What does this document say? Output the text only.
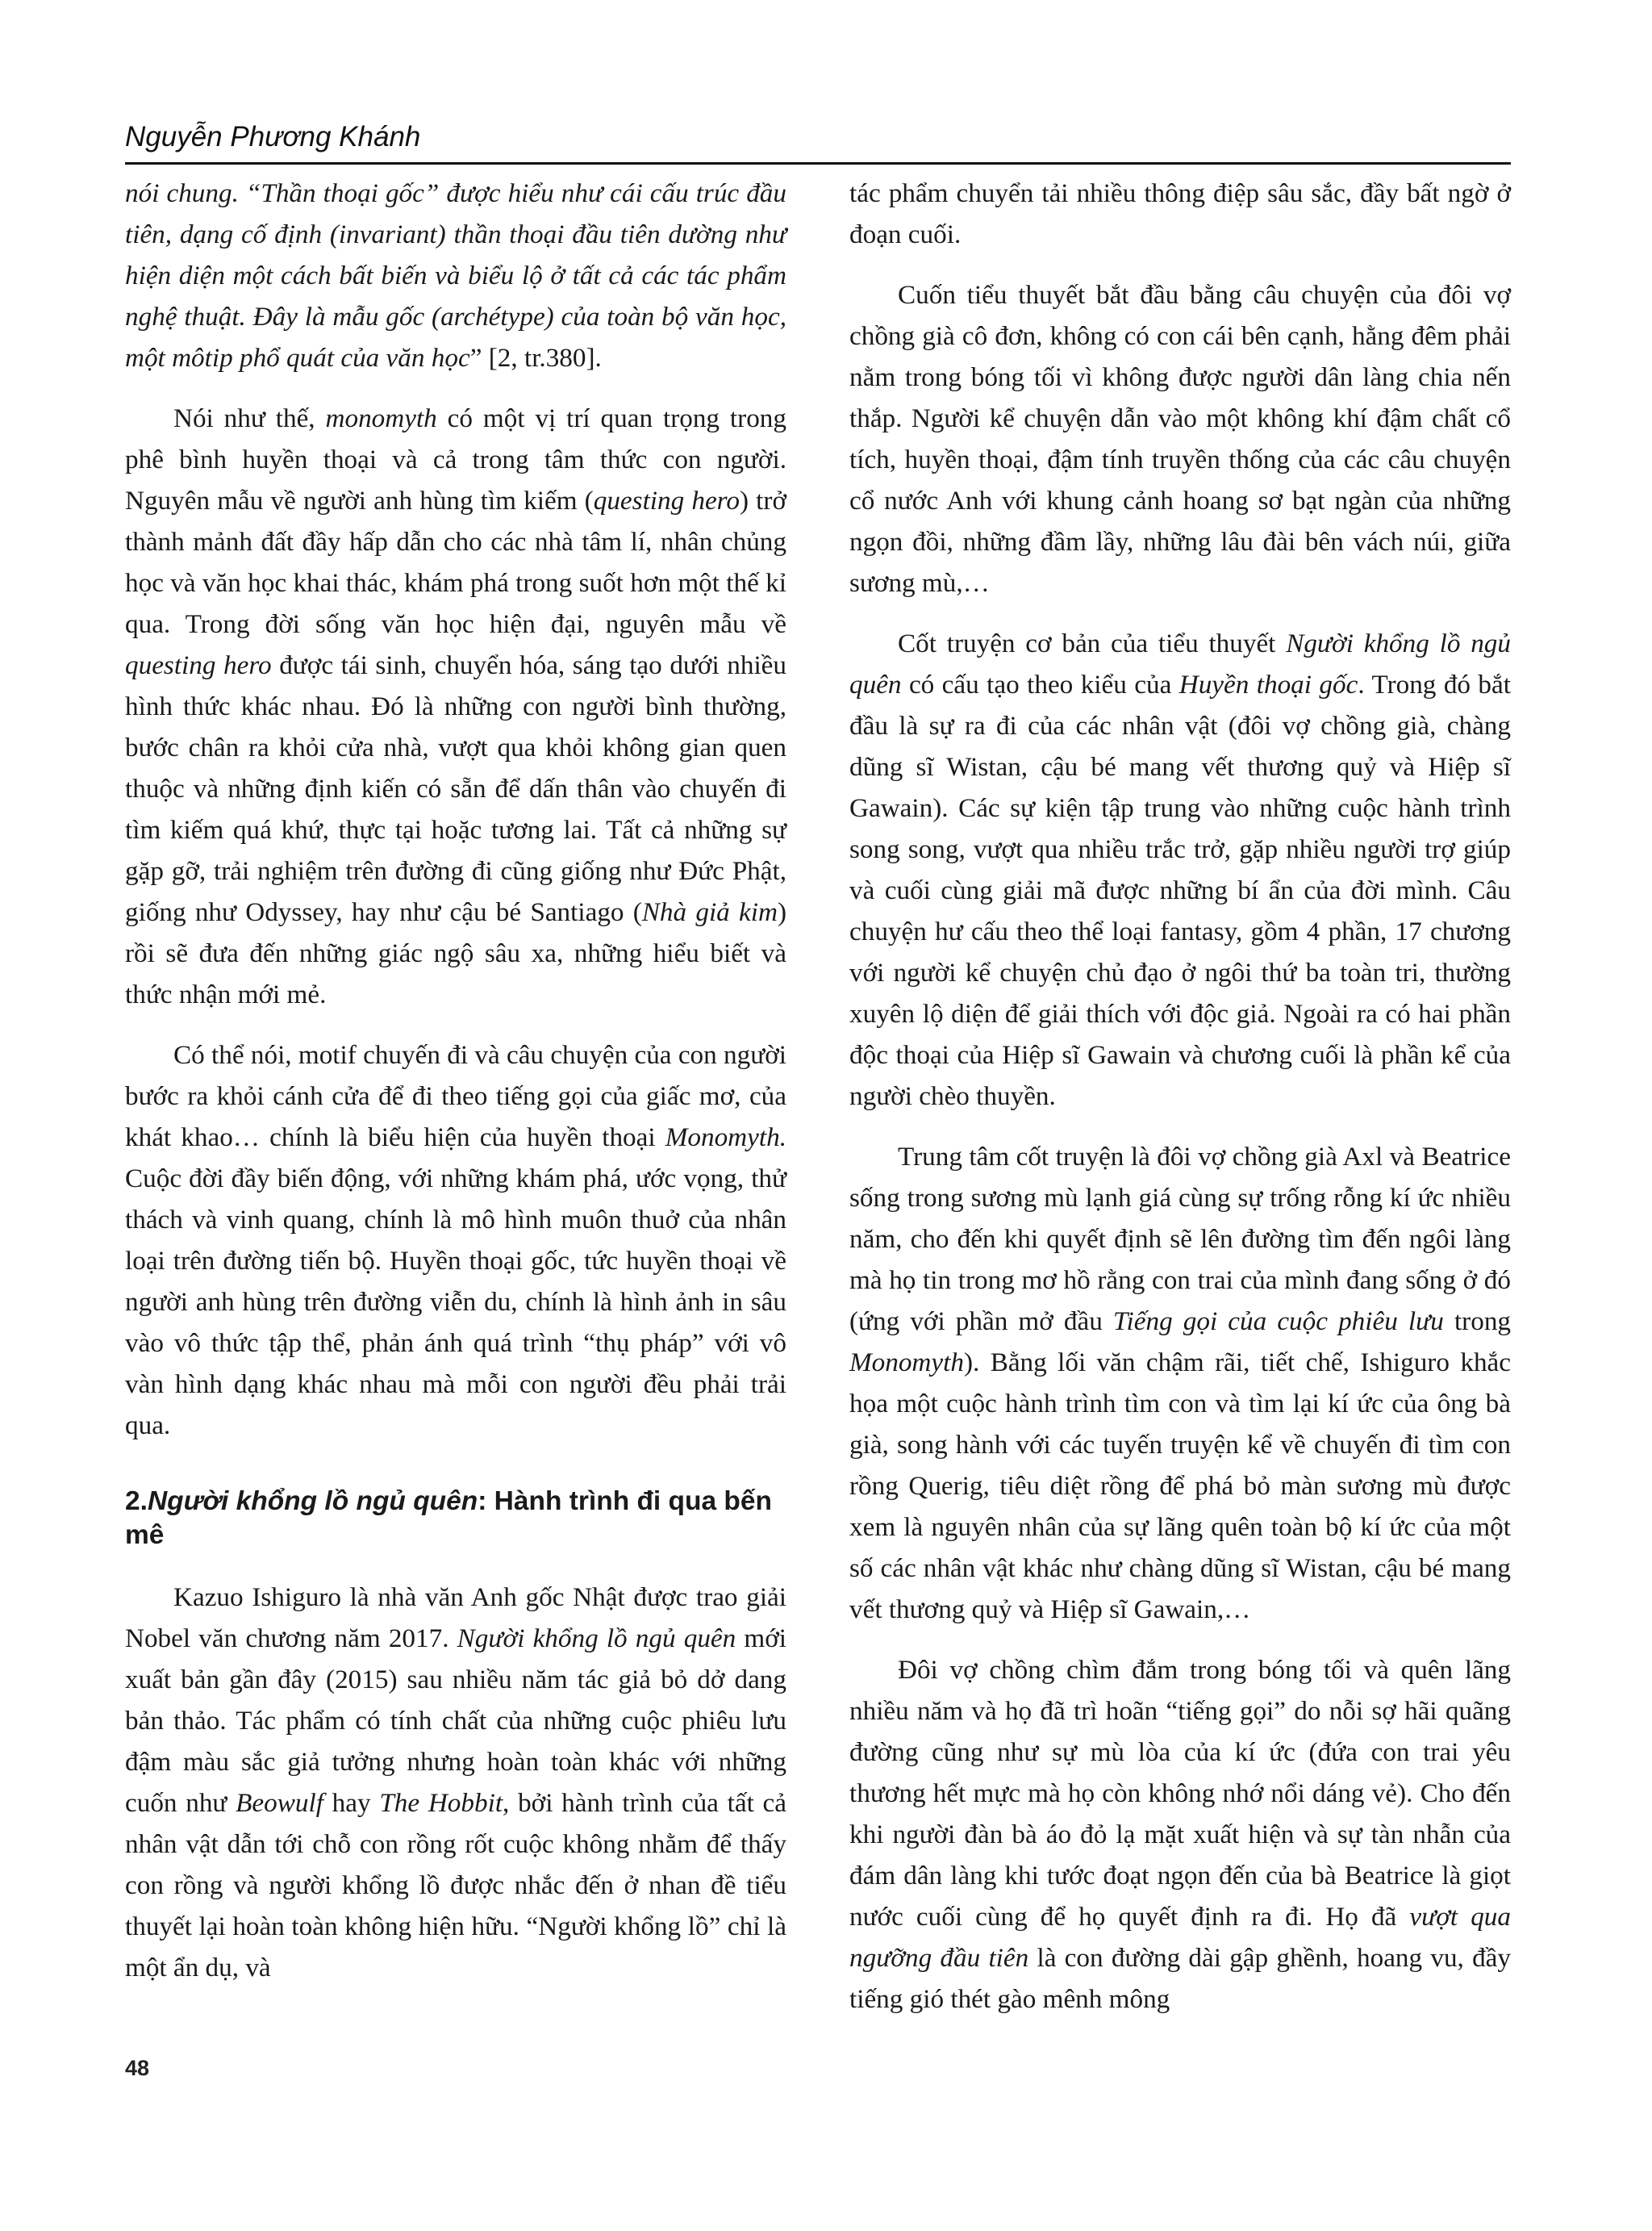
Nguyễn Phương Khánh

nói chung. “Thần thoại gốc” được hiểu như cái cấu trúc đầu tiên, dạng cố định (invariant) thần thoại đầu tiên dường như hiện diện một cách bất biến và biểu lộ ở tất cả các tác phẩm nghệ thuật. Đây là mẫu gốc (archétype) của toàn bộ văn học, một môtip phổ quát của văn học” [2, tr.380].

Nói như thế, monomyth có một vị trí quan trọng trong phê bình huyền thoại và cả trong tâm thức con người. Nguyên mẫu về người anh hùng tìm kiếm (questing hero) trở thành mảnh đất đầy hấp dẫn cho các nhà tâm lí, nhân chủng học và văn học khai thác, khám phá trong suốt hơn một thế kỉ qua. Trong đời sống văn học hiện đại, nguyên mẫu về questing hero được tái sinh, chuyển hóa, sáng tạo dưới nhiều hình thức khác nhau. Đó là những con người bình thường, bước chân ra khỏi cửa nhà, vượt qua khỏi không gian quen thuộc và những định kiến có sẵn để dấn thân vào chuyến đi tìm kiếm quá khứ, thực tại hoặc tương lai. Tất cả những sự gặp gỡ, trải nghiệm trên đường đi cũng giống như Đức Phật, giống như Odyssey, hay như cậu bé Santiago (Nhà giả kim) rồi sẽ đưa đến những giác ngộ sâu xa, những hiểu biết và thức nhận mới mẻ.

Có thể nói, motif chuyến đi và câu chuyện của con người bước ra khỏi cánh cửa để đi theo tiếng gọi của giấc mơ, của khát khao… chính là biểu hiện của huyền thoại Monomyth. Cuộc đời đầy biến động, với những khám phá, ước vọng, thử thách và vinh quang, chính là mô hình muôn thuở của nhân loại trên đường tiến bộ. Huyền thoại gốc, tức huyền thoại về người anh hùng trên đường viễn du, chính là hình ảnh in sâu vào vô thức tập thể, phản ánh quá trình “thụ pháp” với vô vàn hình dạng khác nhau mà mỗi con người đều phải trải qua.

2.Người khổng lồ ngủ quên: Hành trình đi qua bến mê

Kazuo Ishiguro là nhà văn Anh gốc Nhật được trao giải Nobel văn chương năm 2017. Người khổng lồ ngủ quên mới xuất bản gần đây (2015) sau nhiều năm tác giả bỏ dở dang bản thảo. Tác phẩm có tính chất của những cuộc phiêu lưu đậm màu sắc giả tưởng nhưng hoàn toàn khác với những cuốn như Beowulf hay The Hobbit, bởi hành trình của tất cả nhân vật dẫn tới chỗ con rồng rốt cuộc không nhằm để thấy con rồng và người khổng lồ được nhắc đến ở nhan đề tiểu thuyết lại hoàn toàn không hiện hữu. “Người khổng lồ” chỉ là một ẩn dụ, và

tác phẩm chuyển tải nhiều thông điệp sâu sắc, đầy bất ngờ ở đoạn cuối.

Cuốn tiểu thuyết bắt đầu bằng câu chuyện của đôi vợ chồng già cô đơn, không có con cái bên cạnh, hằng đêm phải nằm trong bóng tối vì không được người dân làng chia nến thắp. Người kể chuyện dẫn vào một không khí đậm chất cổ tích, huyền thoại, đậm tính truyền thống của các câu chuyện cổ nước Anh với khung cảnh hoang sơ bạt ngàn của những ngọn đồi, những đầm lầy, những lâu đài bên vách núi, giữa sương mù,…

Cốt truyện cơ bản của tiểu thuyết Người khổng lồ ngủ quên có cấu tạo theo kiểu của Huyền thoại gốc. Trong đó bắt đầu là sự ra đi của các nhân vật (đôi vợ chồng già, chàng dũng sĩ Wistan, cậu bé mang vết thương quỷ và Hiệp sĩ Gawain). Các sự kiện tập trung vào những cuộc hành trình song song, vượt qua nhiều trắc trở, gặp nhiều người trợ giúp và cuối cùng giải mã được những bí ẩn của đời mình. Câu chuyện hư cấu theo thể loại fantasy, gồm 4 phần, 17 chương với người kể chuyện chủ đạo ở ngôi thứ ba toàn tri, thường xuyên lộ diện để giải thích với độc giả. Ngoài ra có hai phần độc thoại của Hiệp sĩ Gawain và chương cuối là phần kể của người chèo thuyền.

Trung tâm cốt truyện là đôi vợ chồng già Axl và Beatrice sống trong sương mù lạnh giá cùng sự trống rỗng kí ức nhiều năm, cho đến khi quyết định sẽ lên đường tìm đến ngôi làng mà họ tin trong mơ hồ rằng con trai của mình đang sống ở đó (ứng với phần mở đầu Tiếng gọi của cuộc phiêu lưu trong Monomyth). Bằng lối văn chậm rãi, tiết chế, Ishiguro khắc họa một cuộc hành trình tìm con và tìm lại kí ức của ông bà già, song hành với các tuyến truyện kể về chuyến đi tìm con rồng Querig, tiêu diệt rồng để phá bỏ màn sương mù được xem là nguyên nhân của sự lãng quên toàn bộ kí ức của một số các nhân vật khác như chàng dũng sĩ Wistan, cậu bé mang vết thương quỷ và Hiệp sĩ Gawain,…

Đôi vợ chồng chìm đắm trong bóng tối và quên lãng nhiều năm và họ đã trì hoãn “tiếng gọi” do nỗi sợ hãi quãng đường cũng như sự mù lòa của kí ức (đứa con trai yêu thương hết mực mà họ còn không nhớ nổi dáng vẻ). Cho đến khi người đàn bà áo đỏ lạ mặt xuất hiện và sự tàn nhẫn của đám dân làng khi tước đoạt ngọn đến của bà Beatrice là giọt nước cuối cùng để họ quyết định ra đi. Họ đã vượt qua ngưỡng đầu tiên là con đường dài gập ghềnh, hoang vu, đầy tiếng gió thét gào mênh mông

48
